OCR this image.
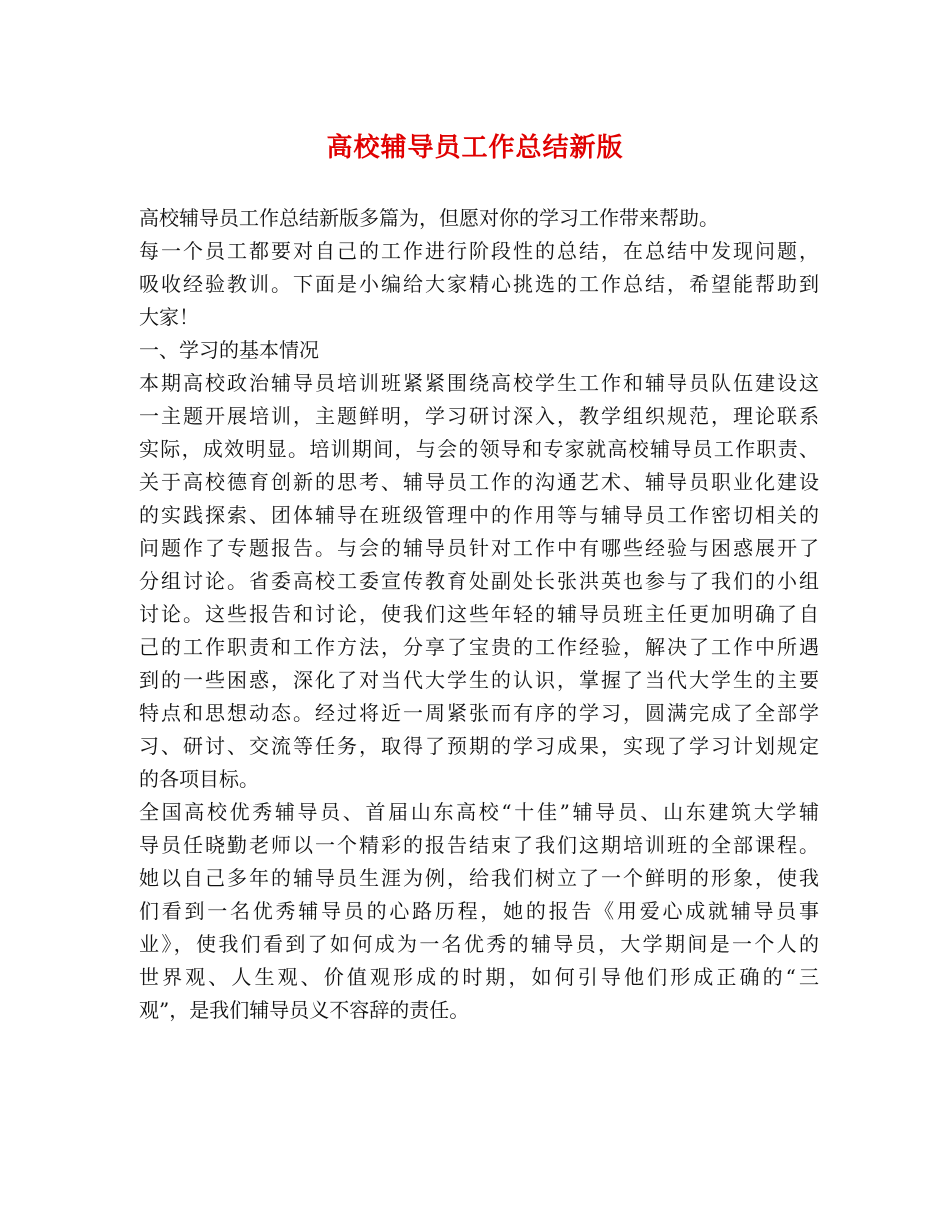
高校辅导员工作总结新版
高校辅导员工作总结新版多篇为，但愿对你的学习工作带来帮助。
每一个员工都要对自己的工作进行阶段性的总结，在总结中发现问题，
吸收经验教训。下面是小编给大家精心挑选的工作总结，希望能帮助到
大家！
一、学习的基本情况
本期高校政治辅导员培训班紧紧围绕高校学生工作和辅导员队伍建设这
一主题开展培训，主题鲜明，学习研讨深入，教学组织规范，理论联系
实际，成效明显。培训期间，与会的领导和专家就高校辅导员工作职责、
关于高校德育创新的思考、辅导员工作的沟通艺术、辅导员职业化建设
的实践探索、团体辅导在班级管理中的作用等与辅导员工作密切相关的
问题作了专题报告。与会的辅导员针对工作中有哪些经验与困惑展开了
分组讨论。省委高校工委宣传教育处副处长张洪英也参与了我们的小组
讨论。这些报告和讨论，使我们这些年轻的辅导员班主任更加明确了自
己的工作职责和工作方法，分享了宝贵的工作经验，解决了工作中所遇
到的一些困惑，深化了对当代大学生的认识，掌握了当代大学生的主要
特点和思想动态。经过将近一周紧张而有序的学习，圆满完成了全部学
习、研讨、交流等任务，取得了预期的学习成果，实现了学习计划规定
的各项目标。
全国高校优秀辅导员、首届山东高校“十佳”辅导员、山东建筑大学辅
导员任晓勤老师以一个精彩的报告结束了我们这期培训班的全部课程。
她以自己多年的辅导员生涯为例，给我们树立了一个鲜明的形象，使我
们看到一名优秀辅导员的心路历程，她的报告《用爱心成就辅导员事
业》，使我们看到了如何成为一名优秀的辅导员，大学期间是一个人的
世界观、人生观、价值观形成的时期，如何引导他们形成正确的“三
观”，是我们辅导员义不容辞的责任。
